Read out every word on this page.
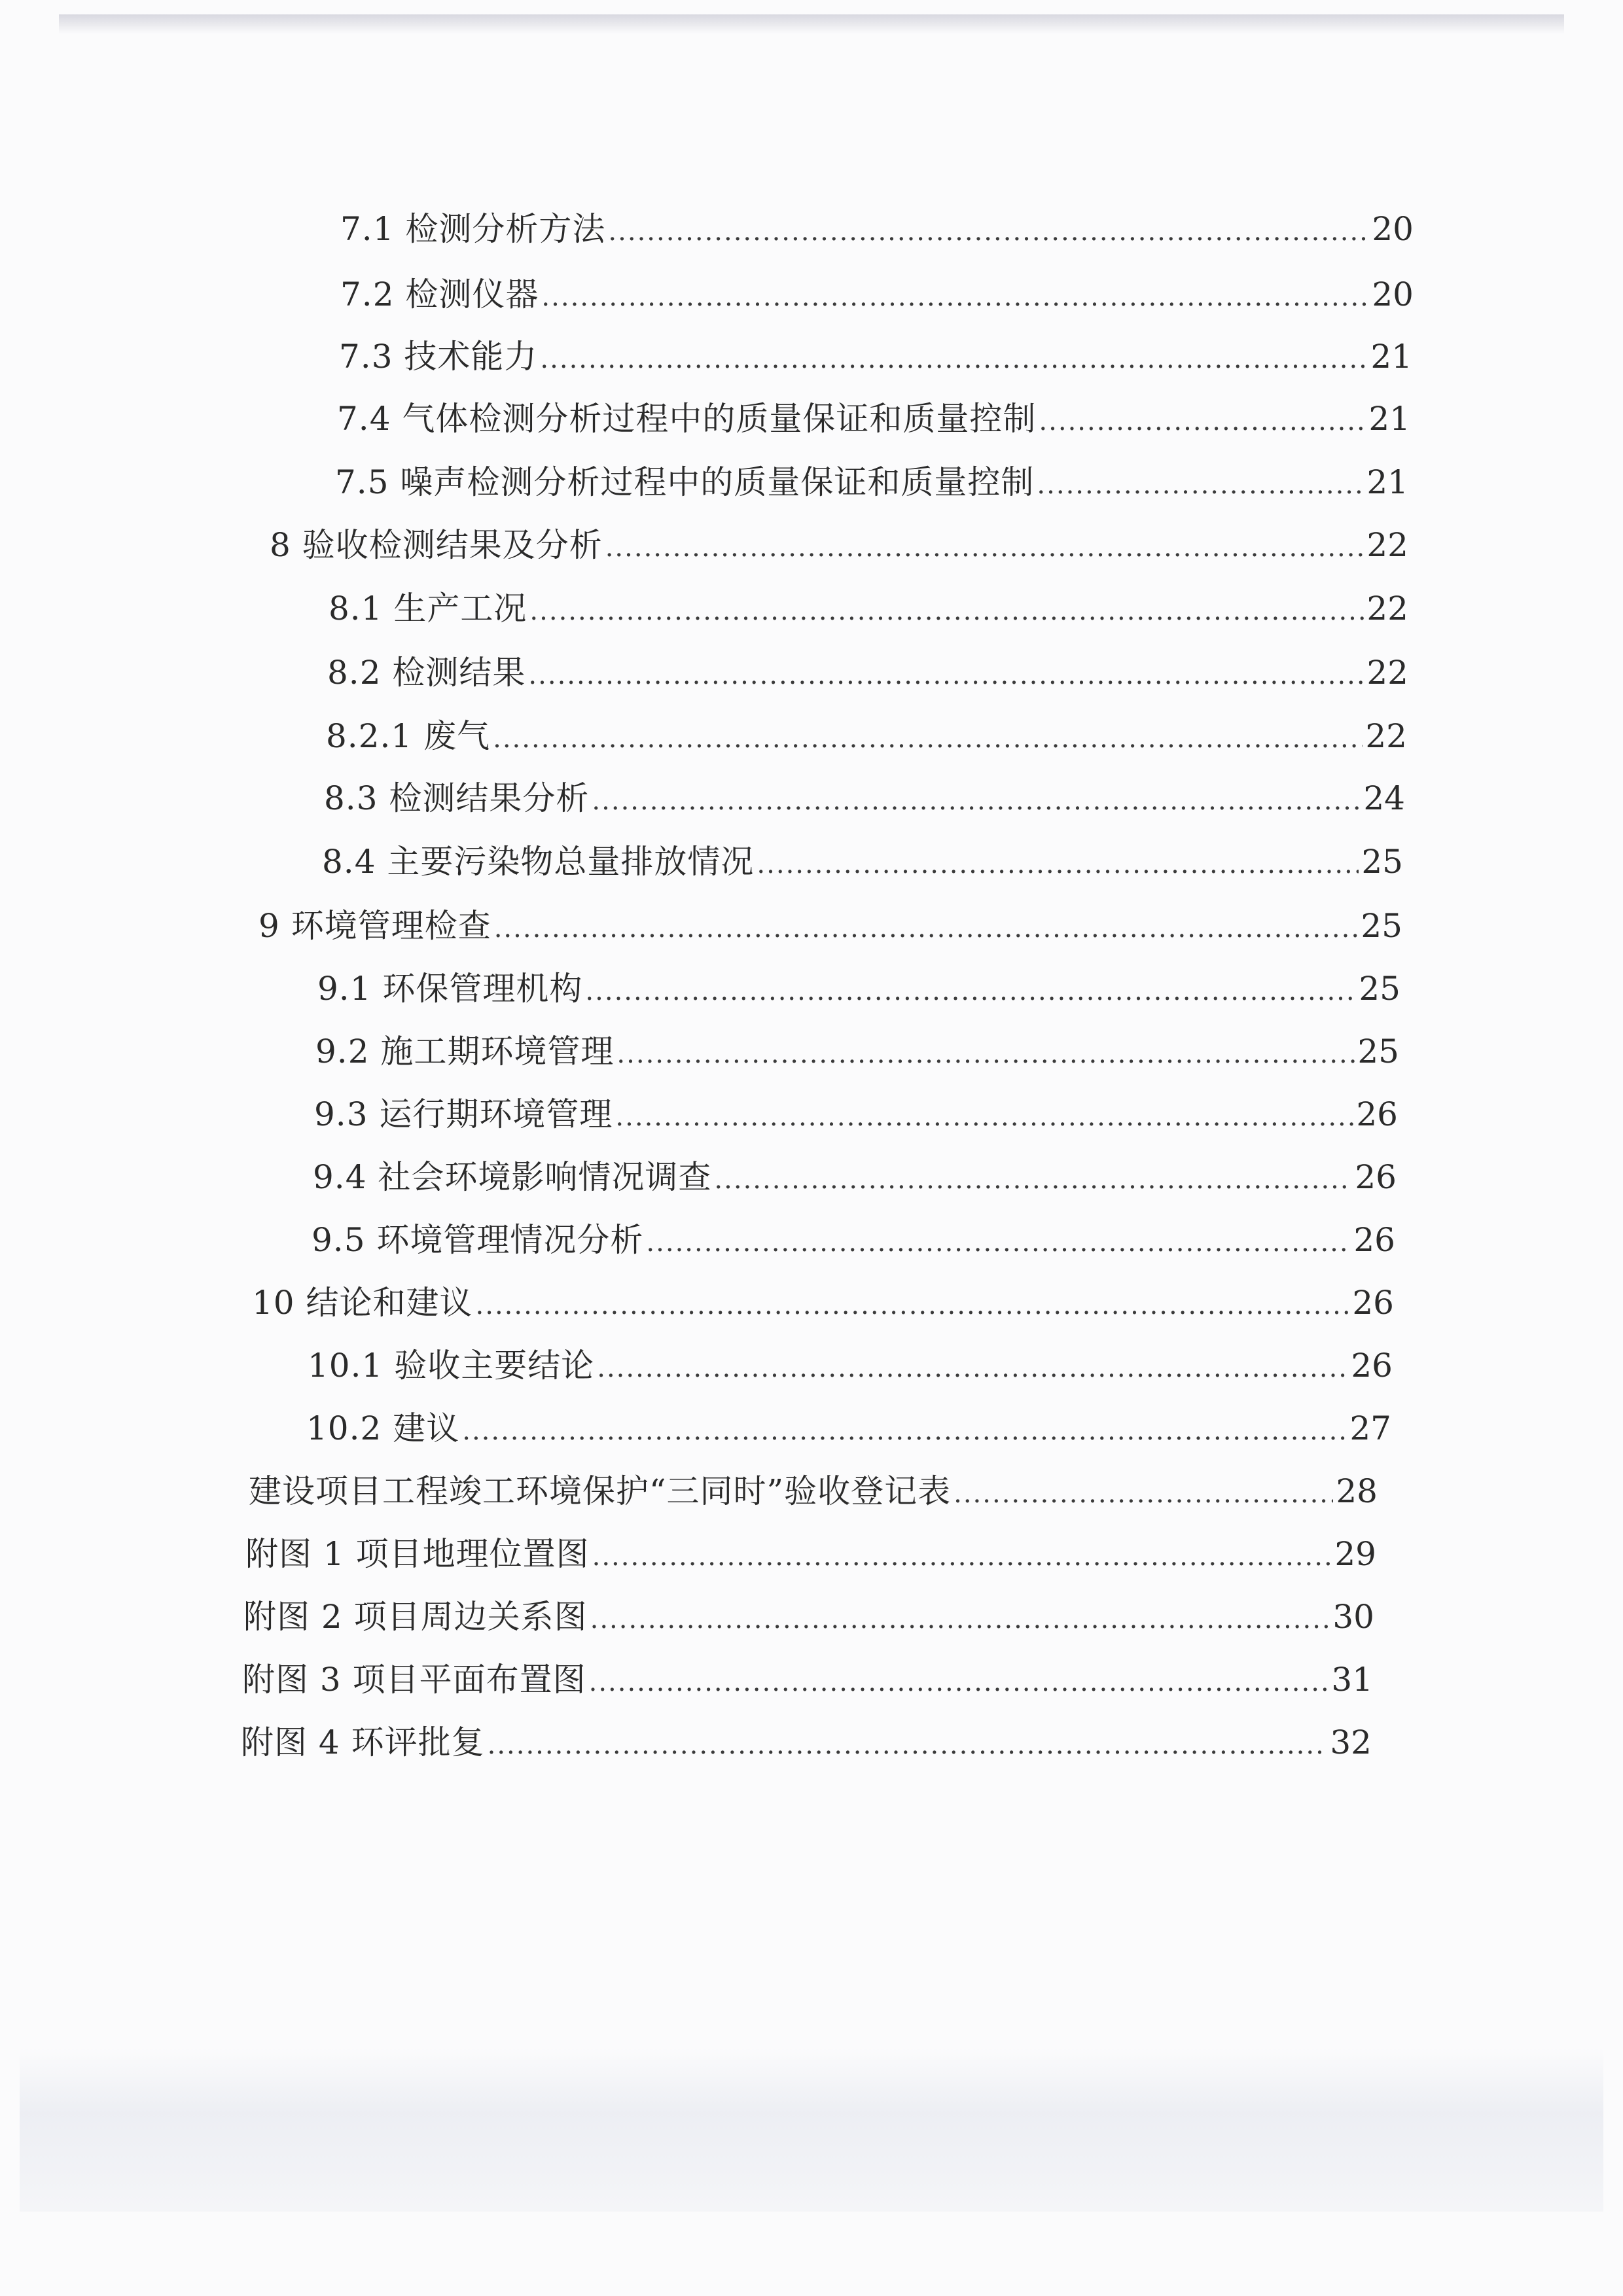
7.1 检测分析方法 .....	20
7.2 检测仪器 .....	20
7.3 技术能力 .....	21
7.4 气体检测分析过程中的质量保证和质量控制 .....	21
7.5 噪声检测分析过程中的质量保证和质量控制 .....	21
8 验收检测结果及分析 .....	22
8.1 生产工况 .....	22
8.2 检测结果 .....	22
8.2.1 废气 .....	22
8.3 检测结果分析 .....	24
8.4 主要污染物总量排放情况 .....	25
9 环境管理检查 .....	25
9.1 环保管理机构 .....	25
9.2 施工期环境管理 .....	25
9.3 运行期环境管理 .....	26
9.4 社会环境影响情况调查 .....	26
9.5 环境管理情况分析 .....	26
10 结论和建议 .....	26
10.1 验收主要结论 .....	26
10.2 建议 .....	27
建设项目工程竣工环境保护“三同时”验收登记表 .....	28
附图 1 项目地理位置图 .....	29
附图 2 项目周边关系图 .....	30
附图 3 项目平面布置图 .....	31
附图 4 环评批复 .....	32
